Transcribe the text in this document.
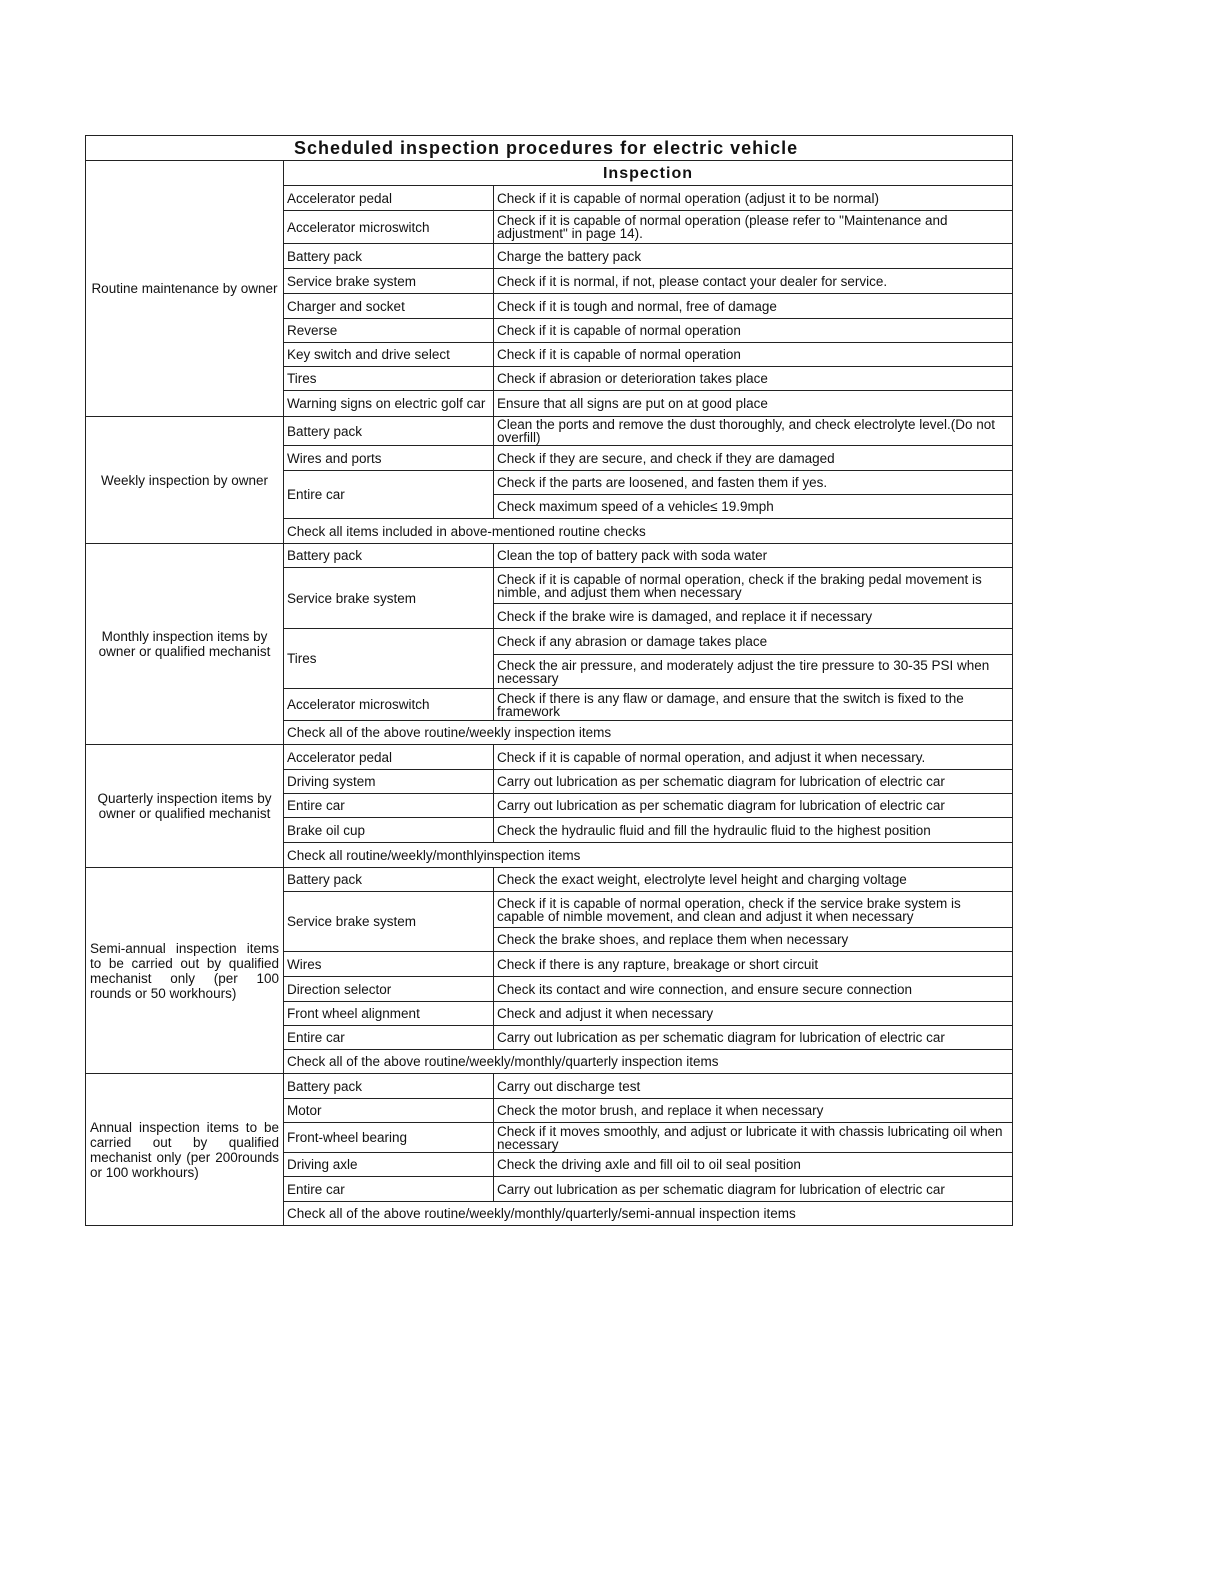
Scheduled inspection procedures for electric vehicle		
Routine maintenance by owner	Inspection	
	Accelerator pedal	Check if it is capable of normal operation (adjust it to be normal)
	Accelerator microswitch	Check if it is capable of normal operation (please refer to "Maintenance and adjustment" in page 14).
	Battery pack	Charge the battery pack
	Service brake system	Check if it is normal, if not, please contact your dealer for service.
	Charger and socket	Check if it is tough and normal, free of damage
	Reverse	Check if it is capable of normal operation
	Key switch and drive select	Check if it is capable of normal operation
	Tires	Check if abrasion or deterioration takes place
	Warning signs on electric golf car	Ensure that all signs are put on at good place
Weekly inspection by owner	Battery pack	Clean the ports and remove the dust thoroughly, and check electrolyte level.(Do not overfill)
	Wires and ports	Check if they are secure, and check if they are damaged
	Entire car	Check if the parts are loosened, and fasten them if yes.
		Check maximum speed of a vehicle≤ 19.9mph
	Check all items included in above-mentioned routine checks	
Monthly inspection items by owner or qualified mechanist	Battery pack	Clean the top of battery pack with soda water
	Service brake system	Check if it is capable of normal operation, check if the braking pedal movement is nimble, and adjust them when necessary
		Check if the brake wire is damaged, and replace it if necessary
	Tires	Check if any abrasion or damage takes place
		Check the air pressure, and moderately adjust the tire pressure to 30-35 PSI when necessary
	Accelerator microswitch	Check if there is any flaw or damage, and ensure that the switch is fixed to the framework
	Check all of the above routine/weekly inspection items	
Quarterly inspection items by owner or qualified mechanist	Accelerator pedal	Check if it is capable of normal operation, and adjust it when necessary.
	Driving system	Carry out lubrication as per schematic diagram for lubrication of electric car
	Entire car	Carry out lubrication as per schematic diagram for lubrication of electric car
	Brake oil cup	Check the hydraulic fluid and fill the hydraulic fluid to the highest position
	Check all routine/weekly/monthlyinspection items	
Semi-annual inspection items to be carried out by qualified mechanist only (per 100 rounds or 50 workhours)	Battery pack	Check the exact weight, electrolyte level height and charging voltage
	Service brake system	Check if it is capable of normal operation, check if the service brake system is capable of nimble movement, and clean and adjust it when necessary
		Check the brake shoes, and replace them when necessary
	Wires	Check if there is any rapture, breakage or short circuit
	Direction selector	Check its contact and wire connection, and ensure secure connection
	Front wheel alignment	Check and adjust it when necessary
	Entire car	Carry out lubrication as per schematic diagram for lubrication of electric car
	Check all of the above routine/weekly/monthly/quarterly inspection items	
Annual inspection items to be carried out by qualified mechanist only (per 200rounds or 100 workhours)	Battery pack	Carry out discharge test
	Motor	Check the motor brush, and replace it when necessary
	Front-wheel bearing	Check if it moves smoothly, and adjust or lubricate it with chassis lubricating oil when necessary
	Driving axle	Check the driving axle and fill oil to oil seal position
	Entire car	Carry out lubrication as per schematic diagram for lubrication of electric car
	Check all of the above routine/weekly/monthly/quarterly/semi-annual inspection items	
